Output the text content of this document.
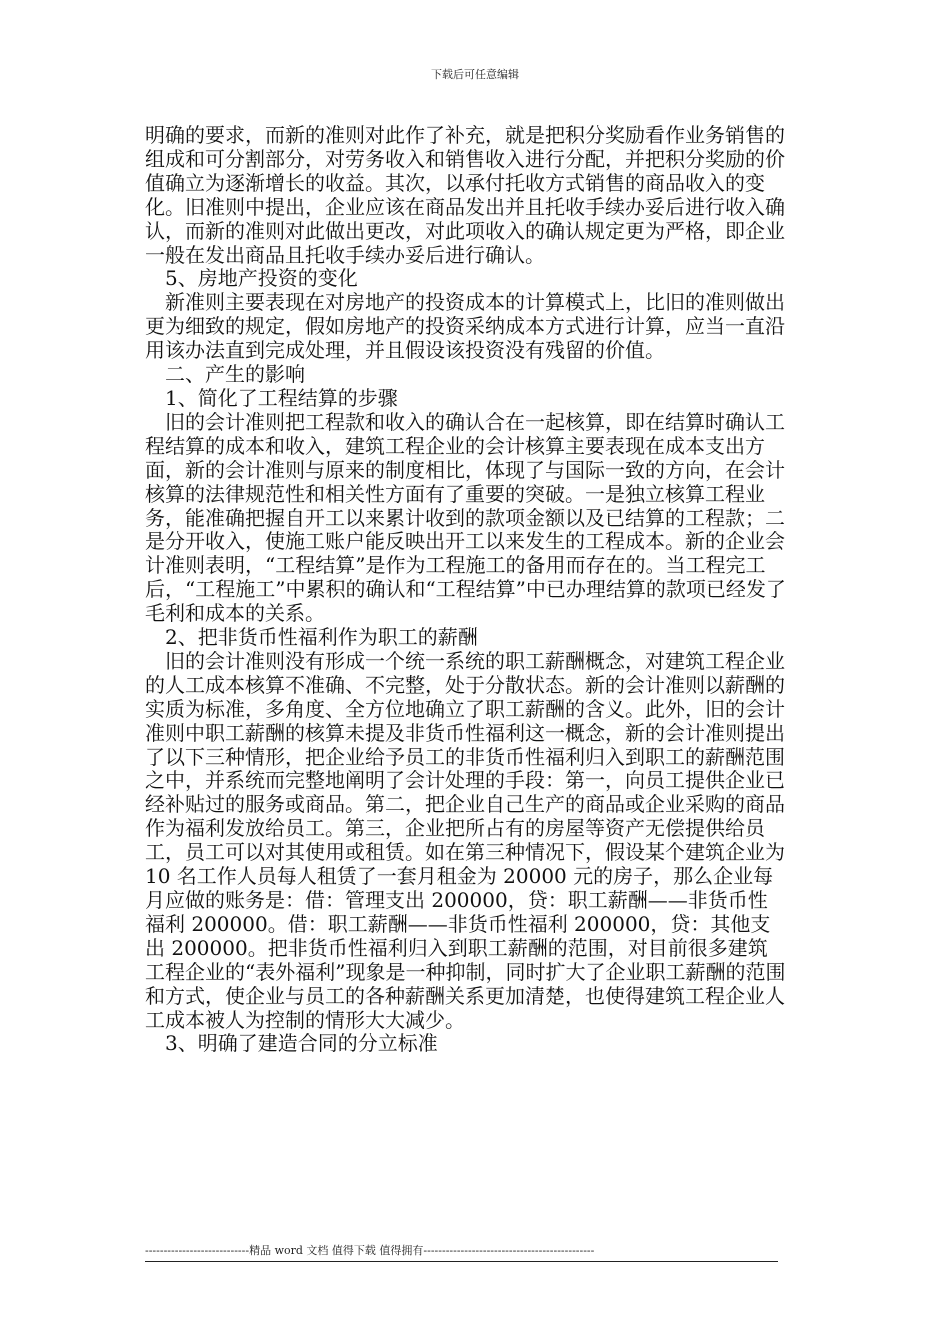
下载后可任意编辑

明确的要求，而新的准则对此作了补充，就是把积分奖励看作业务销售的组成和可分割部分，对劳务收入和销售收入进行分配，并把积分奖励的价值确立为逐渐增长的收益。其次，以承付托收方式销售的商品收入的变化。旧准则中提出，企业应该在商品发出并且托收手续办妥后进行收入确认，而新的准则对此做出更改，对此项收入的确认规定更为严格，即企业一般在发出商品且托收手续办妥后进行确认。

5、房地产投资的变化

新准则主要表现在对房地产的投资成本的计算模式上，比旧的准则做出更为细致的规定，假如房地产的投资采纳成本方式进行计算，应当一直沿用该办法直到完成处理，并且假设该投资没有残留的价值。

二、产生的影响

1、简化了工程结算的步骤

旧的会计准则把工程款和收入的确认合在一起核算，即在结算时确认工程结算的成本和收入，建筑工程企业的会计核算主要表现在成本支出方面，新的会计准则与原来的制度相比，体现了与国际一致的方向，在会计核算的法律规范性和相关性方面有了重要的突破。一是独立核算工程业务，能准确把握自开工以来累计收到的款项金额以及已结算的工程款；二是分开收入，使施工账户能反映出开工以来发生的工程成本。新的企业会计准则表明，“工程结算”是作为工程施工的备用而存在的。当工程完工后，“工程施工”中累积的确认和“工程结算”中已办理结算的款项已经发了毛利和成本的关系。

2、把非货币性福利作为职工的薪酬

旧的会计准则没有形成一个统一系统的职工薪酬概念，对建筑工程企业的人工成本核算不准确、不完整，处于分散状态。新的会计准则以薪酬的实质为标准，多角度、全方位地确立了职工薪酬的含义。此外，旧的会计准则中职工薪酬的核算未提及非货币性福利这一概念，新的会计准则提出了以下三种情形，把企业给予员工的非货币性福利归入到职工的薪酬范围之中，并系统而完整地阐明了会计处理的手段：第一，向员工提供企业已经补贴过的服务或商品。第二，把企业自己生产的商品或企业采购的商品作为福利发放给员工。第三，企业把所占有的房屋等资产无偿提供给员工，员工可以对其使用或租赁。如在第三种情况下，假设某个建筑企业为 10 名工作人员每人租赁了一套月租金为 20000 元的房子，那么企业每月应做的账务是：借：管理支出 200000，贷：职工薪酬——非货币性福利 200000。借：职工薪酬——非货币性福利 200000，贷：其他支出 200000。把非货币性福利归入到职工薪酬的范围，对目前很多建筑工程企业的“表外福利”现象是一种抑制，同时扩大了企业职工薪酬的范围和方式，使企业与员工的各种薪酬关系更加清楚，也使得建筑工程企业人工成本被人为控制的情形大大减少。

3、明确了建造合同的分立标准

----------------------------精品 word 文档 值得下载 值得拥有----------------------------------------------
